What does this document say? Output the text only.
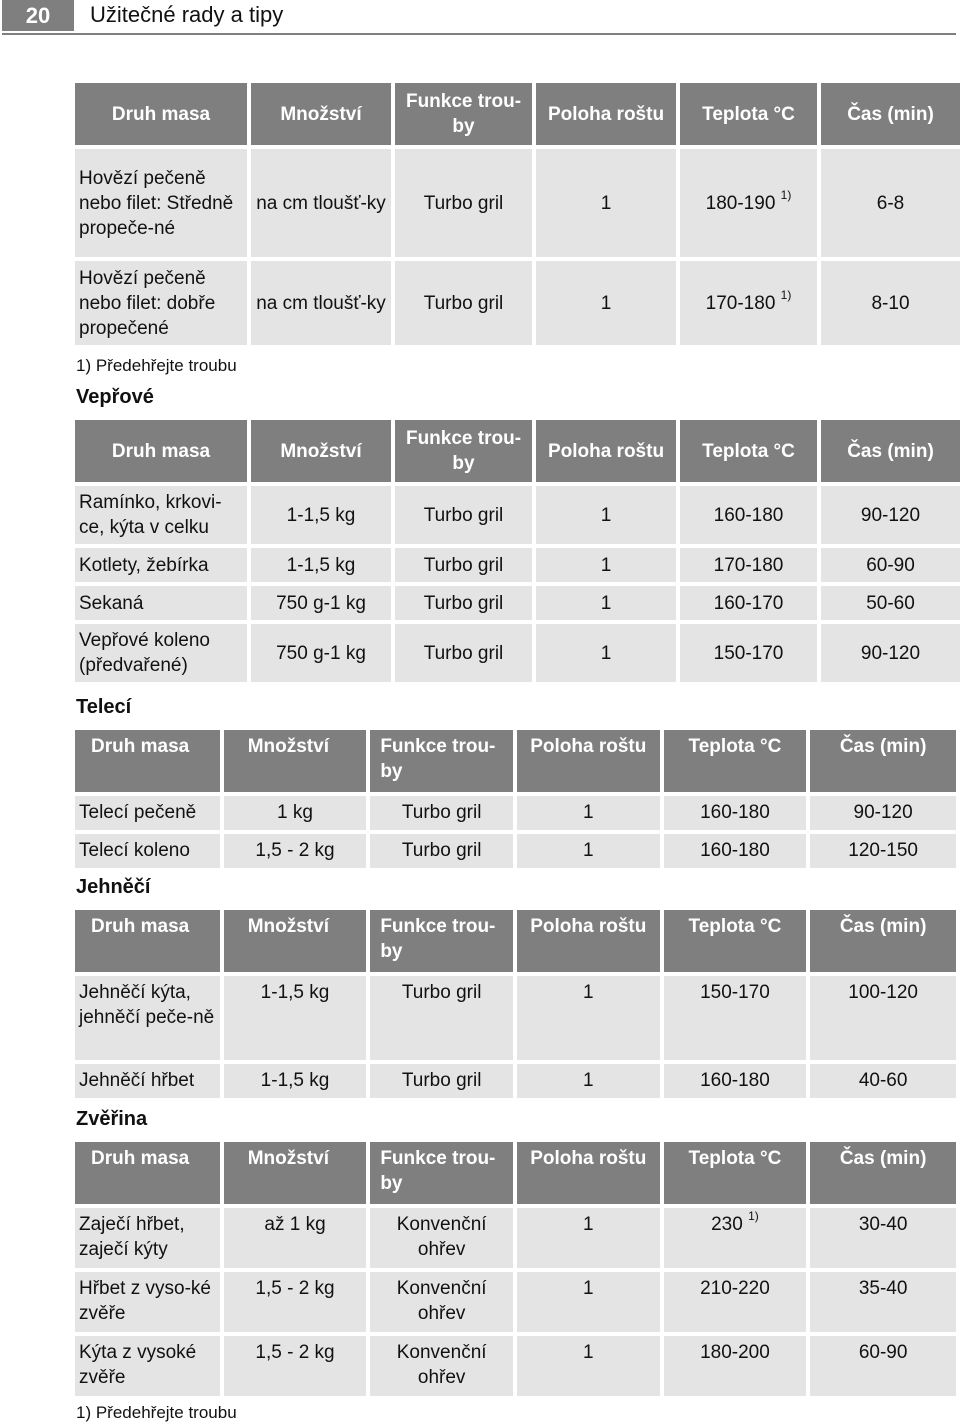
20	Užitečné rady a tipy
Druh masa	Množství	Funkce trou-by	Poloha roštu	Teplota °C	Čas (min)
Hovězí pečeně nebo filet: Středně propeče-né	na cm tloušť-ky	Turbo gril	1	180-190 $^{1)}$	6-8
Hovězí pečeně nebo filet: dobře propečené	na cm tloušť-ky	Turbo gril	1	170-180 $^{1)}$	8-10
1) Předehřejte troubu
Vepřové
Druh masa	Množství	Funkce trou-by	Poloha roštu	Teplota °C	Čas (min)
Ramínko, krkovi-ce, kýta v celku	1-1,5 kg	Turbo gril	1	160-180	90-120
Kotlety, žebírka	1-1,5 kg	Turbo gril	1	170-180	60-90
Sekaná	750 g-1 kg	Turbo gril	1	160-170	50-60
Vepřové koleno (předvařené)	750 g-1 kg	Turbo gril	1	150-170	90-120
Telecí
Druh masa	Množství	Funkce trou-by	Poloha roštu	Teplota °C	Čas (min)
Telecí pečeně	1 kg	Turbo gril	1	160-180	90-120
Telecí koleno	1,5 - 2 kg	Turbo gril	1	160-180	120-150
Jehněčí
Druh masa	Množství	Funkce trou-by	Poloha roštu	Teplota °C	Čas (min)
Jehněčí kýta, jehněčí peče-ně	1-1,5 kg	Turbo gril	1	150-170	100-120
Jehněčí hřbet	1-1,5 kg	Turbo gril	1	160-180	40-60
Zvěřina
Druh masa	Množství	Funkce trou-by	Poloha roštu	Teplota °C	Čas (min)
Zaječí hřbet, zaječí kýty	až 1 kg	Konvenční ohřev	1	230 $^{1)}$	30-40
Hřbet z vyso-ké zvěře	1,5 - 2 kg	Konvenční ohřev	1	210-220	35-40
Kýta z vysoké zvěře	1,5 - 2 kg	Konvenční ohřev	1	180-200	60-90
1) Předehřejte troubu
